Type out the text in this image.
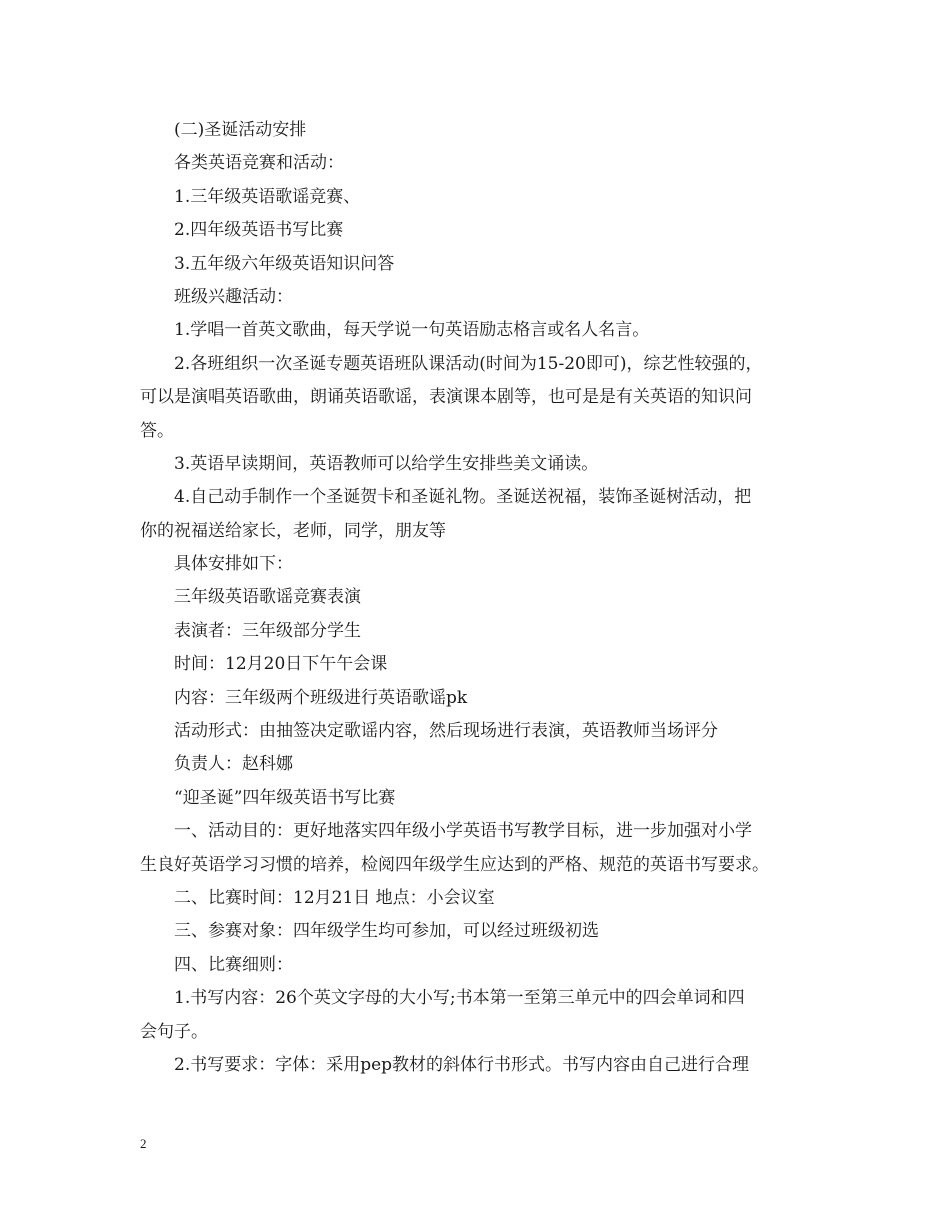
(二)圣诞活动安排
各类英语竞赛和活动：
1.三年级英语歌谣竞赛、
2.四年级英语书写比赛
3.五年级六年级英语知识问答
班级兴趣活动：
1.学唱一首英文歌曲，每天学说一句英语励志格言或名人名言。
2.各班组织一次圣诞专题英语班队课活动(时间为15-20即可)，综艺性较强的，
可以是演唱英语歌曲，朗诵英语歌谣，表演课本剧等，也可是是有关英语的知识问
答。
3.英语早读期间，英语教师可以给学生安排些美文诵读。
4.自己动手制作一个圣诞贺卡和圣诞礼物。圣诞送祝福，装饰圣诞树活动，把
你的祝福送给家长，老师，同学，朋友等
具体安排如下：
三年级英语歌谣竞赛表演
表演者：三年级部分学生
时间：12月20日下午午会课
内容：三年级两个班级进行英语歌谣pk
活动形式：由抽签决定歌谣内容，然后现场进行表演，英语教师当场评分
负责人：赵科娜
“迎圣诞”四年级英语书写比赛
一、活动目的：更好地落实四年级小学英语书写教学目标，进一步加强对小学
生良好英语学习习惯的培养，检阅四年级学生应达到的严格、规范的英语书写要求。
二、比赛时间：12月21日 地点：小会议室
三、参赛对象：四年级学生均可参加，可以经过班级初选
四、比赛细则：
1.书写内容：26个英文字母的大小写;书本第一至第三单元中的四会单词和四
会句子。
2.书写要求：字体：采用pep教材的斜体行书形式。书写内容由自己进行合理
2
